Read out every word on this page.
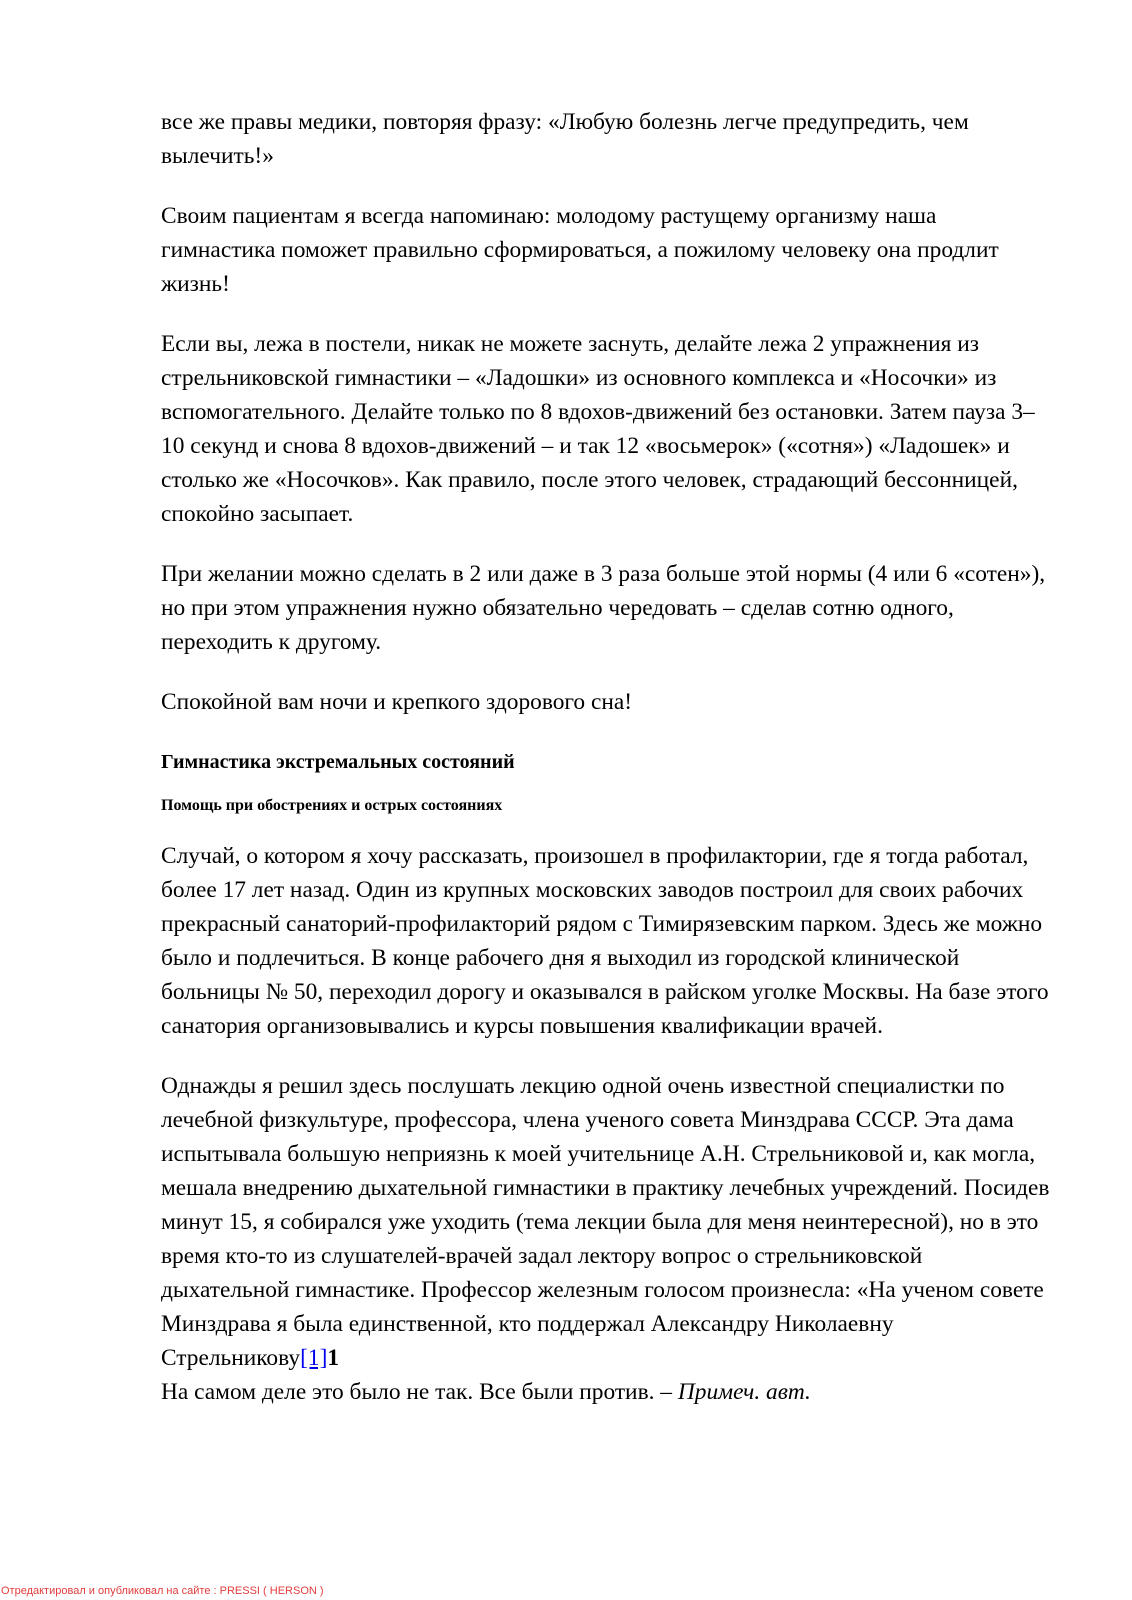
все же правы медики, повторяя фразу: «Любую болезнь легче предупредить, чем вылечить!»

Своим пациентам я всегда напоминаю: молодому растущему организму наша гимнастика поможет правильно сформироваться, а пожилому человеку она продлит жизнь!

Если вы, лежа в постели, никак не можете заснуть, делайте лежа 2 упражнения из стрельниковской гимнастики – «Ладошки» из основного комплекса и «Носочки» из вспомогательного. Делайте только по 8 вдохов-движений без остановки. Затем пауза 3–10 секунд и снова 8 вдохов-движений – и так 12 «восьмерок» («сотня») «Ладошек» и столько же «Носочков». Как правило, после этого человек, страдающий бессонницей, спокойно засыпает.

При желании можно сделать в 2 или даже в 3 раза больше этой нормы (4 или 6 «сотен»), но при этом упражнения нужно обязательно чередовать – сделав сотню одного, переходить к другому.

Спокойной вам ночи и крепкого здорового сна!

Гимнастика экстремальных состояний
Помощь при обострениях и острых состояниях

Случай, о котором я хочу рассказать, произошел в профилактории, где я тогда работал, более 17 лет назад. Один из крупных московских заводов построил для своих рабочих прекрасный санаторий-профилакторий рядом с Тимирязевским парком. Здесь же можно было и подлечиться. В конце рабочего дня я выходил из городской клинической больницы № 50, переходил дорогу и оказывался в райском уголке Москвы. На базе этого санатория организовывались и курсы повышения квалификации врачей.

Однажды я решил здесь послушать лекцию одной очень известной специалистки по лечебной физкультуре, профессора, члена ученого совета Минздрава СССР. Эта дама испытывала большую неприязнь к моей учительнице А.Н. Стрельниковой и, как могла, мешала внедрению дыхательной гимнастики в практику лечебных учреждений. Посидев минут 15, я собирался уже уходить (тема лекции была для меня неинтересной), но в это время кто-то из слушателей-врачей задал лектору вопрос о стрельниковской дыхательной гимнастике. Профессор железным голосом произнесла: «На ученом совете Минздрава я была единственной, кто поддержал Александру Николаевну Стрельникову[1]1

На самом деле это было не так. Все были против. – Примеч. авт.

Отредактировал и опубликовал на сайте : PRESSI ( HERSON )
